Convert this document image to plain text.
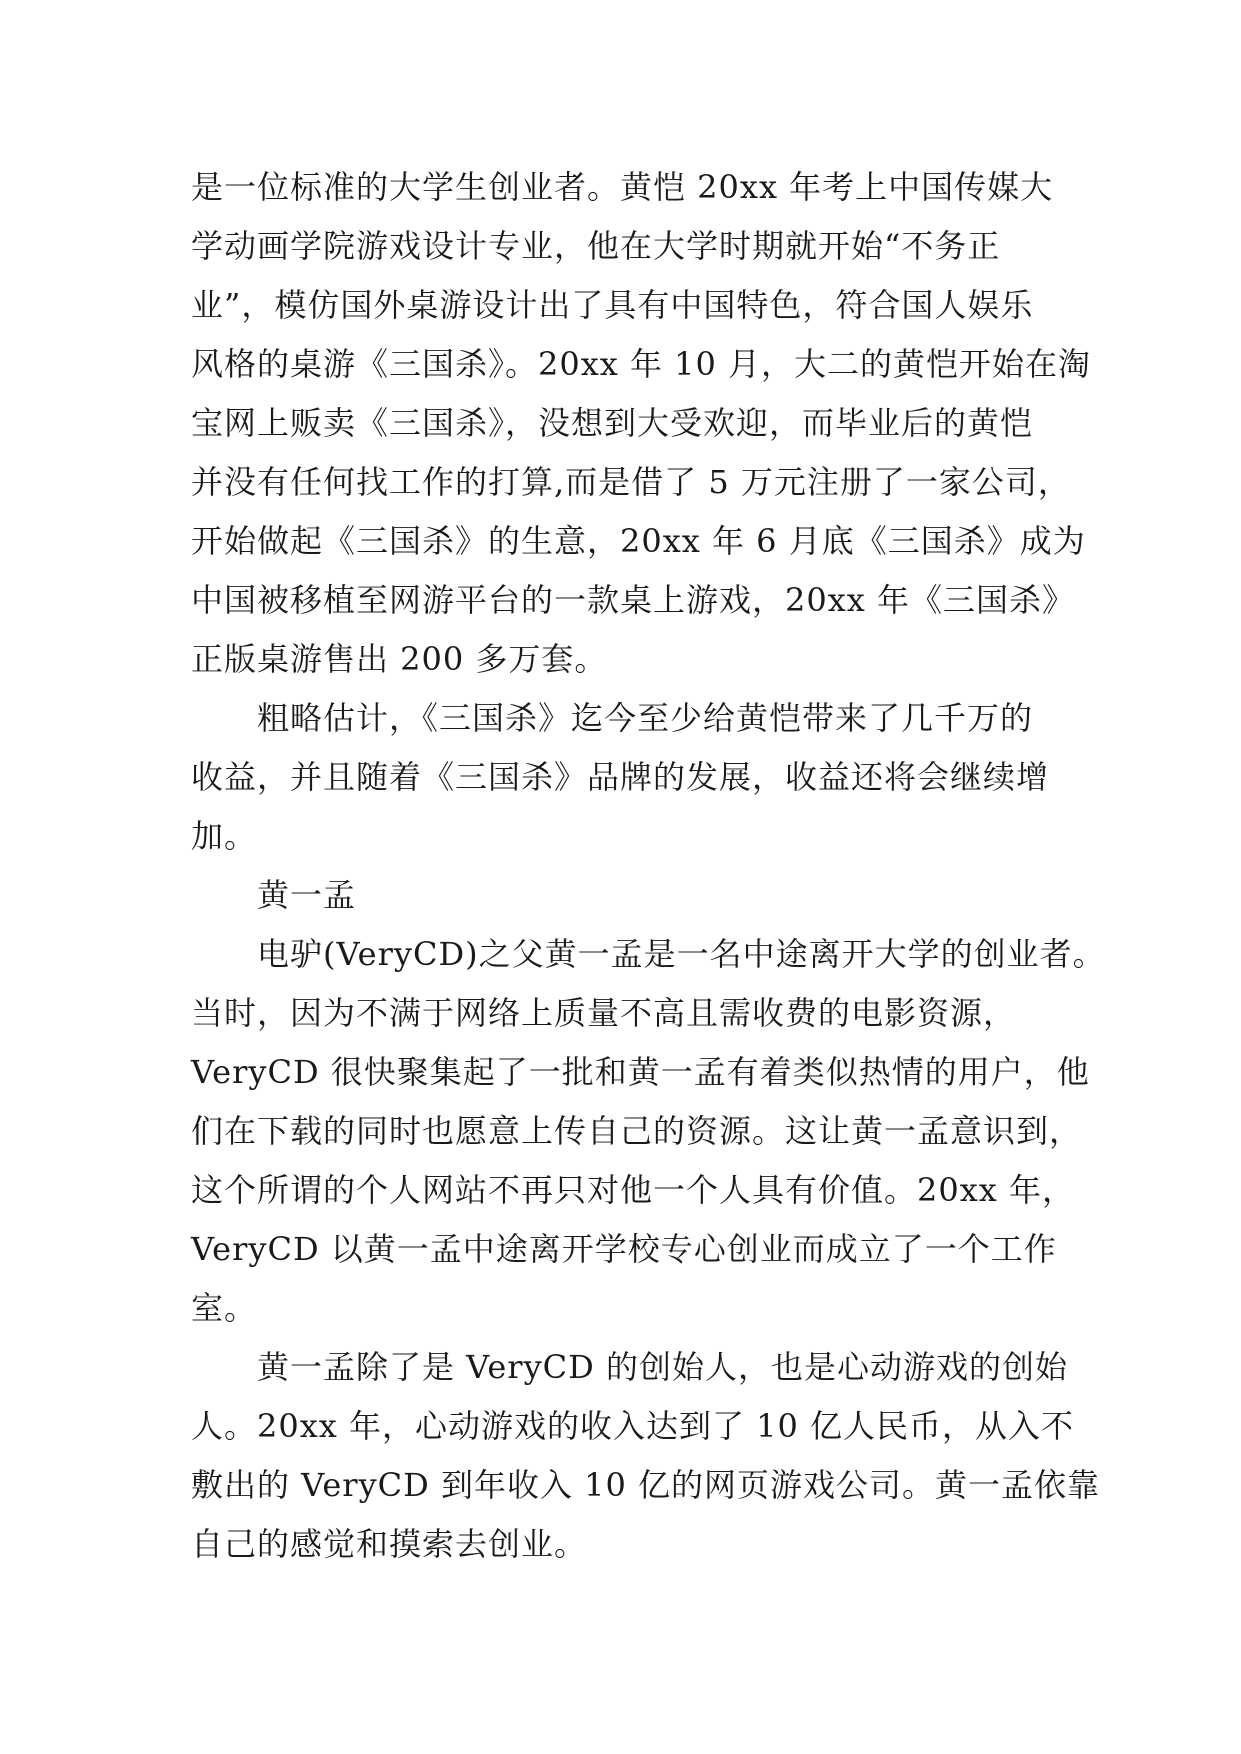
是一位标准的大学生创业者。黄恺 20xx 年考上中国传媒大
学动画学院游戏设计专业，他在大学时期就开始“不务正
业”，模仿国外桌游设计出了具有中国特色，符合国人娱乐
风格的桌游《三国杀》。20xx 年 10 月，大二的黄恺开始在淘
宝网上贩卖《三国杀》，没想到大受欢迎，而毕业后的黄恺
并没有任何找工作的打算,而是借了 5 万元注册了一家公司，
开始做起《三国杀》的生意，20xx 年 6 月底《三国杀》成为
中国被移植至网游平台的一款桌上游戏，20xx 年《三国杀》
正版桌游售出 200 多万套。

粗略估计，《三国杀》迄今至少给黄恺带来了几千万的
收益，并且随着《三国杀》品牌的发展，收益还将会继续增
加。

黄一孟

电驴(VeryCD)之父黄一孟是一名中途离开大学的创业者。
当时，因为不满于网络上质量不高且需收费的电影资源，
VeryCD 很快聚集起了一批和黄一孟有着类似热情的用户，他
们在下载的同时也愿意上传自己的资源。这让黄一孟意识到，
这个所谓的个人网站不再只对他一个人具有价值。20xx 年，
VeryCD 以黄一孟中途离开学校专心创业而成立了一个工作
室。

黄一孟除了是 VeryCD 的创始人，也是心动游戏的创始
人。20xx 年，心动游戏的收入达到了 10 亿人民币，从入不
敷出的 VeryCD 到年收入 10 亿的网页游戏公司。黄一孟依靠
自己的感觉和摸索去创业。
